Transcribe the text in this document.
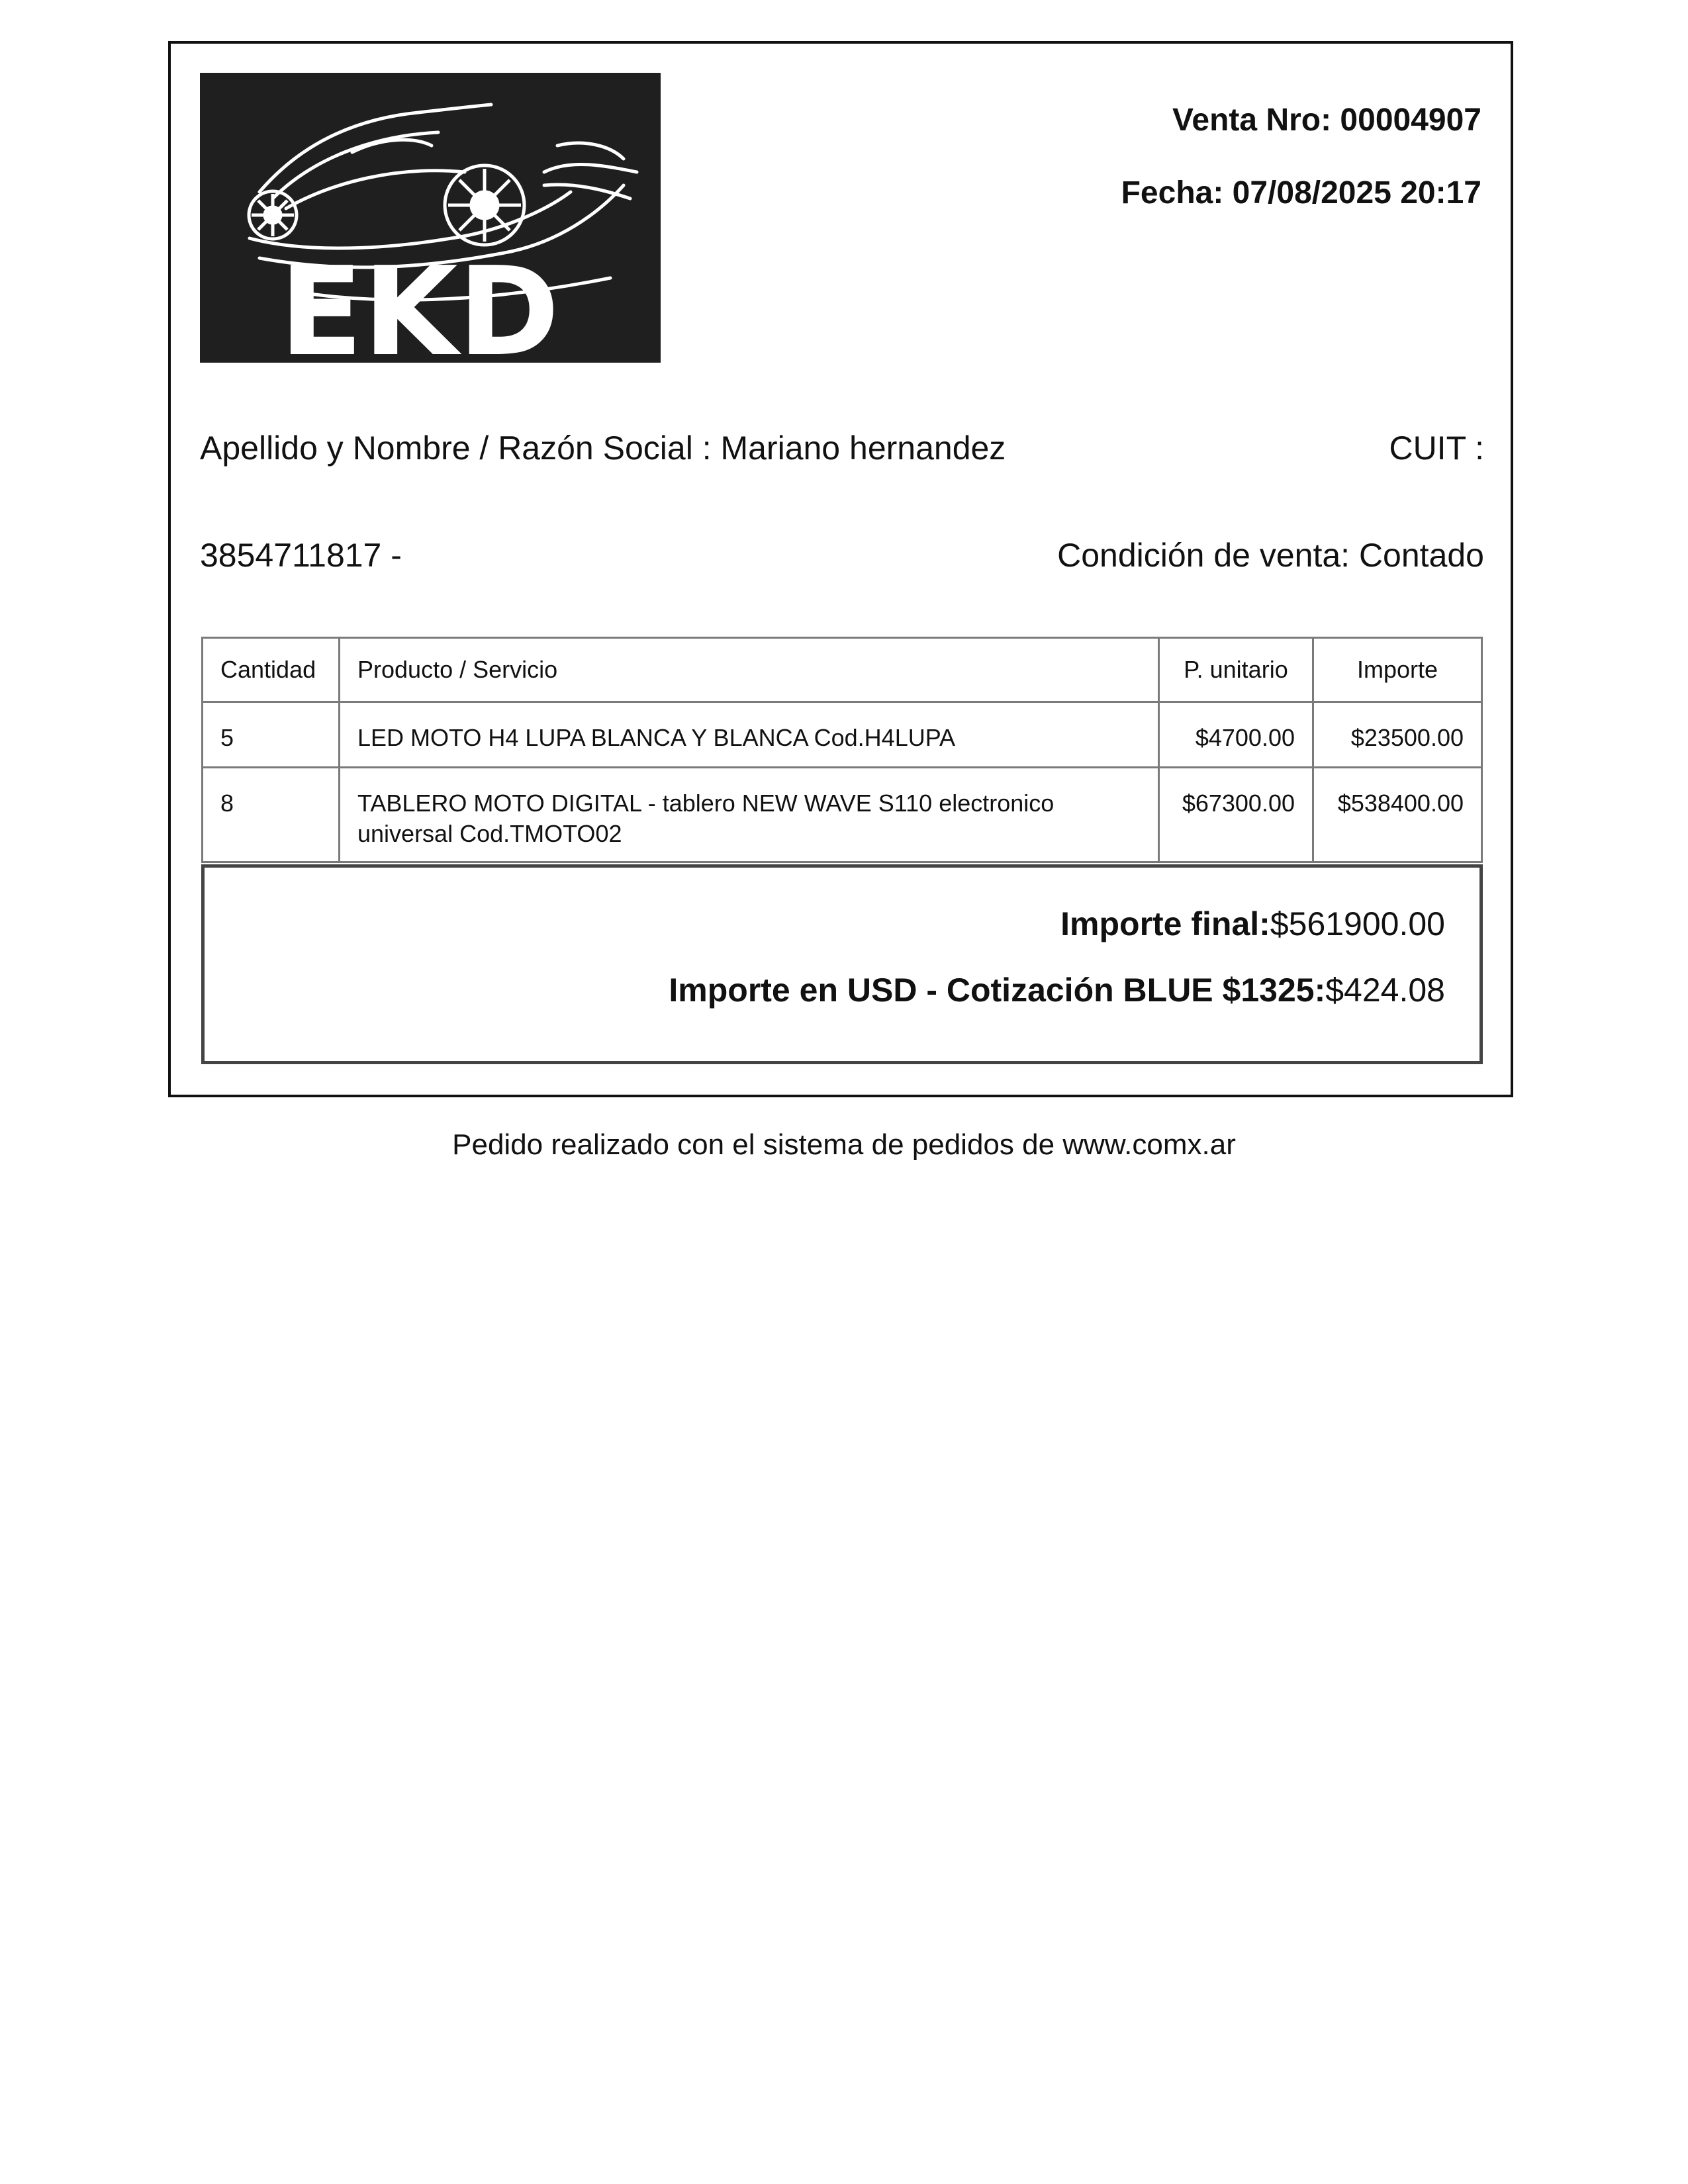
EKD
Venta Nro: 00004907
Fecha: 07/08/2025 20:17
Apellido y Nombre / Razón Social : Mariano hernandez	CUIT :
3854711817 -	Condición de venta: Contado
Cantidad	Producto / Servicio	P. unitario	Importe
5	LED MOTO H4 LUPA BLANCA Y BLANCA Cod.H4LUPA	$4700.00	$23500.00
8	TABLERO MOTO DIGITAL - tablero NEW WAVE S110 electronico universal Cod.TMOTO02	$67300.00	$538400.00
Importe final:$561900.00
Importe en USD - Cotización BLUE $1325:$424.08
Pedido realizado con el sistema de pedidos de www.comx.ar
